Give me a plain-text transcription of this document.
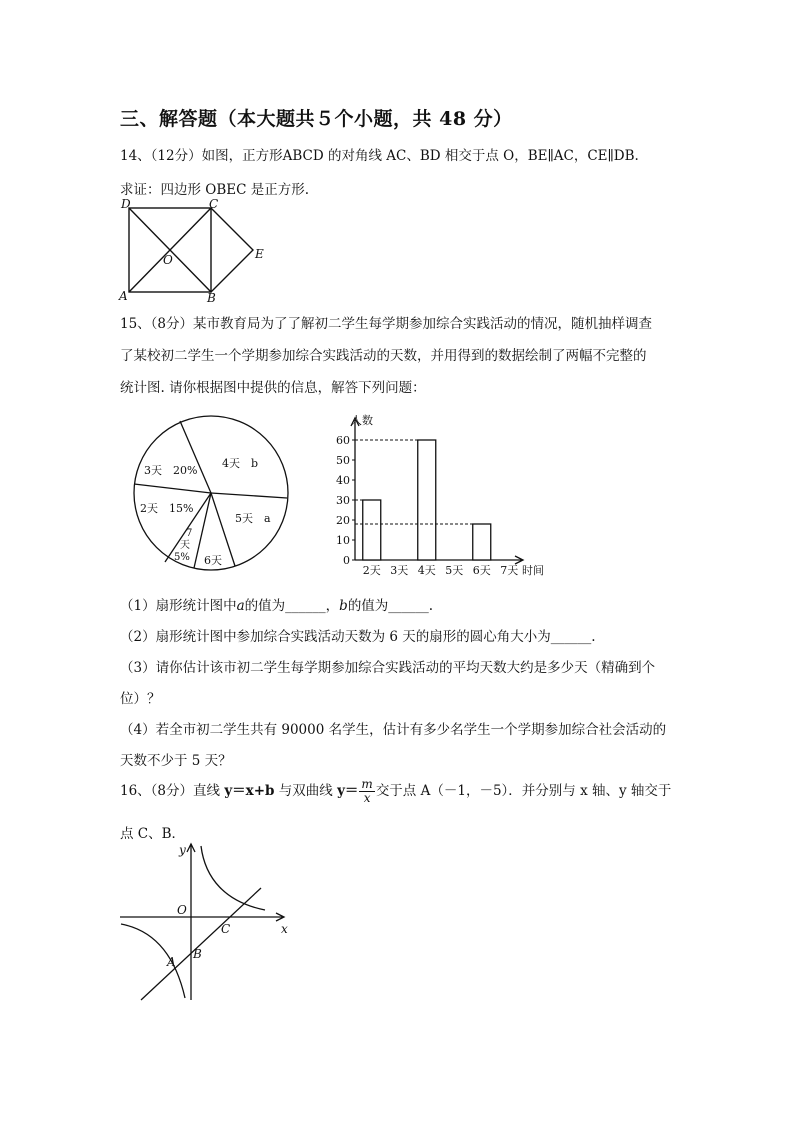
三、解答题（本大题共５个小题，共 48 分）
14、（12分）如图，正方形ABCD 的对角线 AC、BD 相交于点 O，BE∥AC，CE∥DB.
求证：四边形 OBEC 是正方形.
D	C
O	E
A	B
15、（8分）某市教育局为了了解初二学生每学期参加综合实践活动的情况，随机抽样调查
了某校初二学生一个学期参加综合实践活动的天数，并用得到的数据绘制了两幅不完整的
统计图. 请你根据图中提供的信息，解答下列问题：
3天　20%
4天　b
2天　15%
5天　a
7
天
5% 6天	0
10
20
30
40
50
60
2天 3天 4天 5天 6天 7天
人数
时间
（1）扇形统计图中a的值为______，b的值为______.
（2）扇形统计图中参加综合实践活动天数为 6 天的扇形的圆心角大小为______.
（3）请你估计该市初二学生每学期参加综合实践活动的平均天数大约是多少天（精确到个
位）？
（4）若全市初二学生共有 90000 名学生，估计有多少名学生一个学期参加综合社会活动的
天数不少于 5 天？
16、（8分）直线 y＝x+b 与双曲线 $y= \frac{m}{x}$ 交于点 A（－1，－5）．并分别与 x 轴、y 轴交于
点 C、B．
y
O
C	x
A
B
